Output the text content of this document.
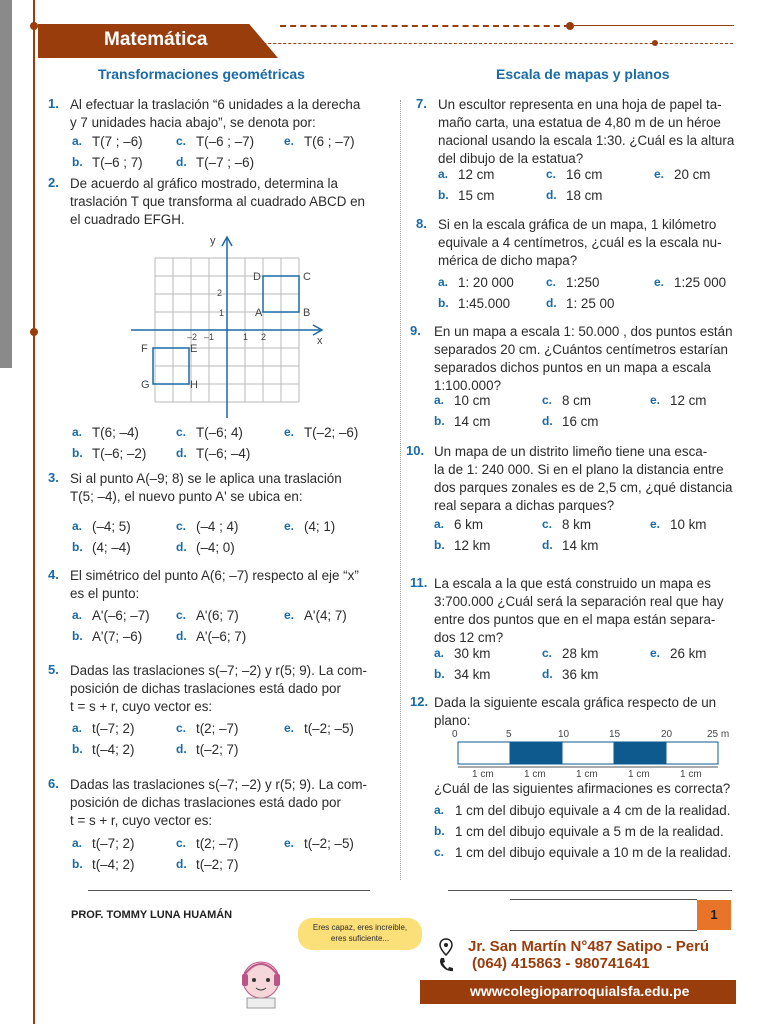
Matemática
Transformaciones geométricas	Escala de mapas y planos
1. Al efectuar la traslación “6 unidades a la derecha
y 7 unidades hacia abajo”, se denota por:
a. T(7 ; –6)	c. T(–6 ; –7) e. T(6 ; –7)
b. T(–6 ; 7)	d. T(–7 ; –6)
2. De acuerdo al gráfico mostrado, determina la
traslación T que transforma al cuadrado ABCD en
el cuadrado EFGH.
a. T(6; –4)	c. T(–6; 4)	e. T(–2; –6)
b. T(–6; –2) d. T(–6; –4)
3. Si al punto A(–9; 8) se le aplica una traslación
T(5; –4), el nuevo punto A' se ubica en:
a. (–4; 5)	c. (–4 ; 4)	e. (4; 1)
b. (4; –4)	d. (–4; 0)
4. El simétrico del punto A(6; –7) respecto al eje “x”
es el punto:
a. A'(–6; –7) c. A'(6; 7)	e. A'(4; 7)
b. A'(7; –6)	d. A'(–6; 7)
5. Dadas las traslaciones s(–7; –2) y r(5; 9). La com-
posición de dichas traslaciones está dado por
t = s + r, cuyo vector es:
a. t(–7; 2)	c. t(2; –7)	e. t(–2; –5)
b. t(–4; 2)	d. t(–2; 7)
6. Dadas las traslaciones s(–7; –2) y r(5; 9). La com-
posición de dichas traslaciones está dado por
t = s + r, cuyo vector es:
a. t(–7; 2)	c. t(2; –7)	e. t(–2; –5)
b. t(–4; 2)	d. t(–2; 7)
7. Un escultor representa en una hoja de papel ta-
maño carta, una estatua de 4,80 m de un héroe
nacional usando la escala 1:30. ¿Cuál es la altura
del dibujo de la estatua?
a. 12 cm	c. 16 cm	e. 20 cm
b. 15 cm	d. 18 cm
8. Si en la escala gráfica de un mapa, 1 kilómetro
equivale a 4 centímetros, ¿cuál es la escala nu-
mérica de dicho mapa?
a. 1: 20 000	c. 1:250	e. 1:25 000
b. 1:45.000	d. 1: 25 00
9. En un mapa a escala 1: 50.000 , dos puntos están
separados 20 cm. ¿Cuántos centímetros estarían
separados dichos puntos en un mapa a escala
1:100.000?
a. 10 cm	c. 8 cm	e. 12 cm
b. 14 cm	d. 16 cm
10. Un mapa de un distrito limeño tiene una esca-
la de 1: 240 000. Si en el plano la distancia entre
dos parques zonales es de 2,5 cm, ¿qué distancia
real separa a dichas parques?
a. 6 km	c. 8 km	e. 10 km
b. 12 km	d. 14 km
11. La escala a la que está construido un mapa es
3:700.000 ¿Cuál será la separación real que hay
entre dos puntos que en el mapa están separa-
dos 12 cm?
a. 30 km	c. 28 km	e. 26 km
b. 34 km	d. 36 km
12. Dada la siguiente escala gráfica respecto de un
plano:
¿Cuál de las siguientes afirmaciones es correcta?
a. 1 cm del dibujo equivale a 4 cm de la realidad.
b. 1 cm del dibujo equivale a 5 m de la realidad.
c. 1 cm del dibujo equivale a 10 m de la realidad.
y
x
–2 –1	1 2
1
2
D	C
A	B
F	E
G	H
0	5	10	15	20	25 m
1 cm	1 cm	1 cm	1 cm	1 cm
PROF. TOMMY LUNA HUAMÁN	1
Eres capaz, eres increible,
eres suficiente...	Jr. San Martín N°487 Satipo - Perú
(064) 415863 - 980741641
wwwcolegioparroquialsfa.edu.pe
